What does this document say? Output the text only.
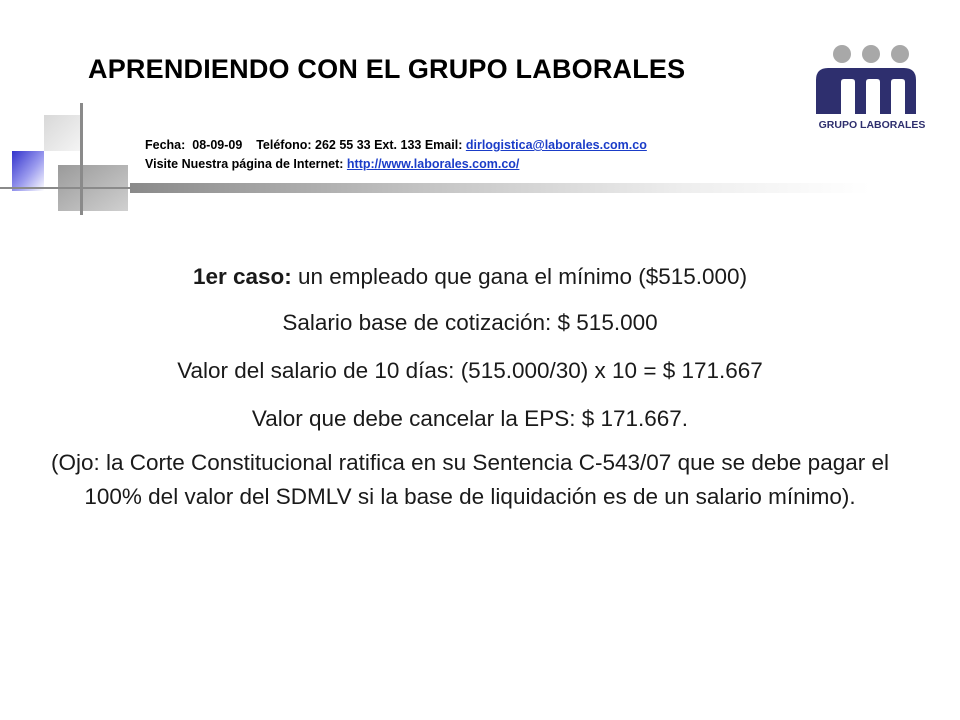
APRENDIENDO CON EL GRUPO LABORALES
Fecha: 08-09-09 Teléfono: 262 55 33 Ext. 133 Email: dirlogistica@laborales.com.co
Visite Nuestra página de Internet: http://www.laborales.com.co/
GRUPO LABORALES

1er caso: un empleado que gana el mínimo ($515.000)

Salario base de cotización: $ 515.000

Valor del salario de 10 días: (515.000/30) x 10 = $ 171.667

Valor que debe cancelar la EPS: $ 171.667.

(Ojo: la Corte Constitucional ratifica en su Sentencia C-543/07 que se debe pagar el 100% del valor del SDMLV si la base de liquidación es de un salario mínimo).
